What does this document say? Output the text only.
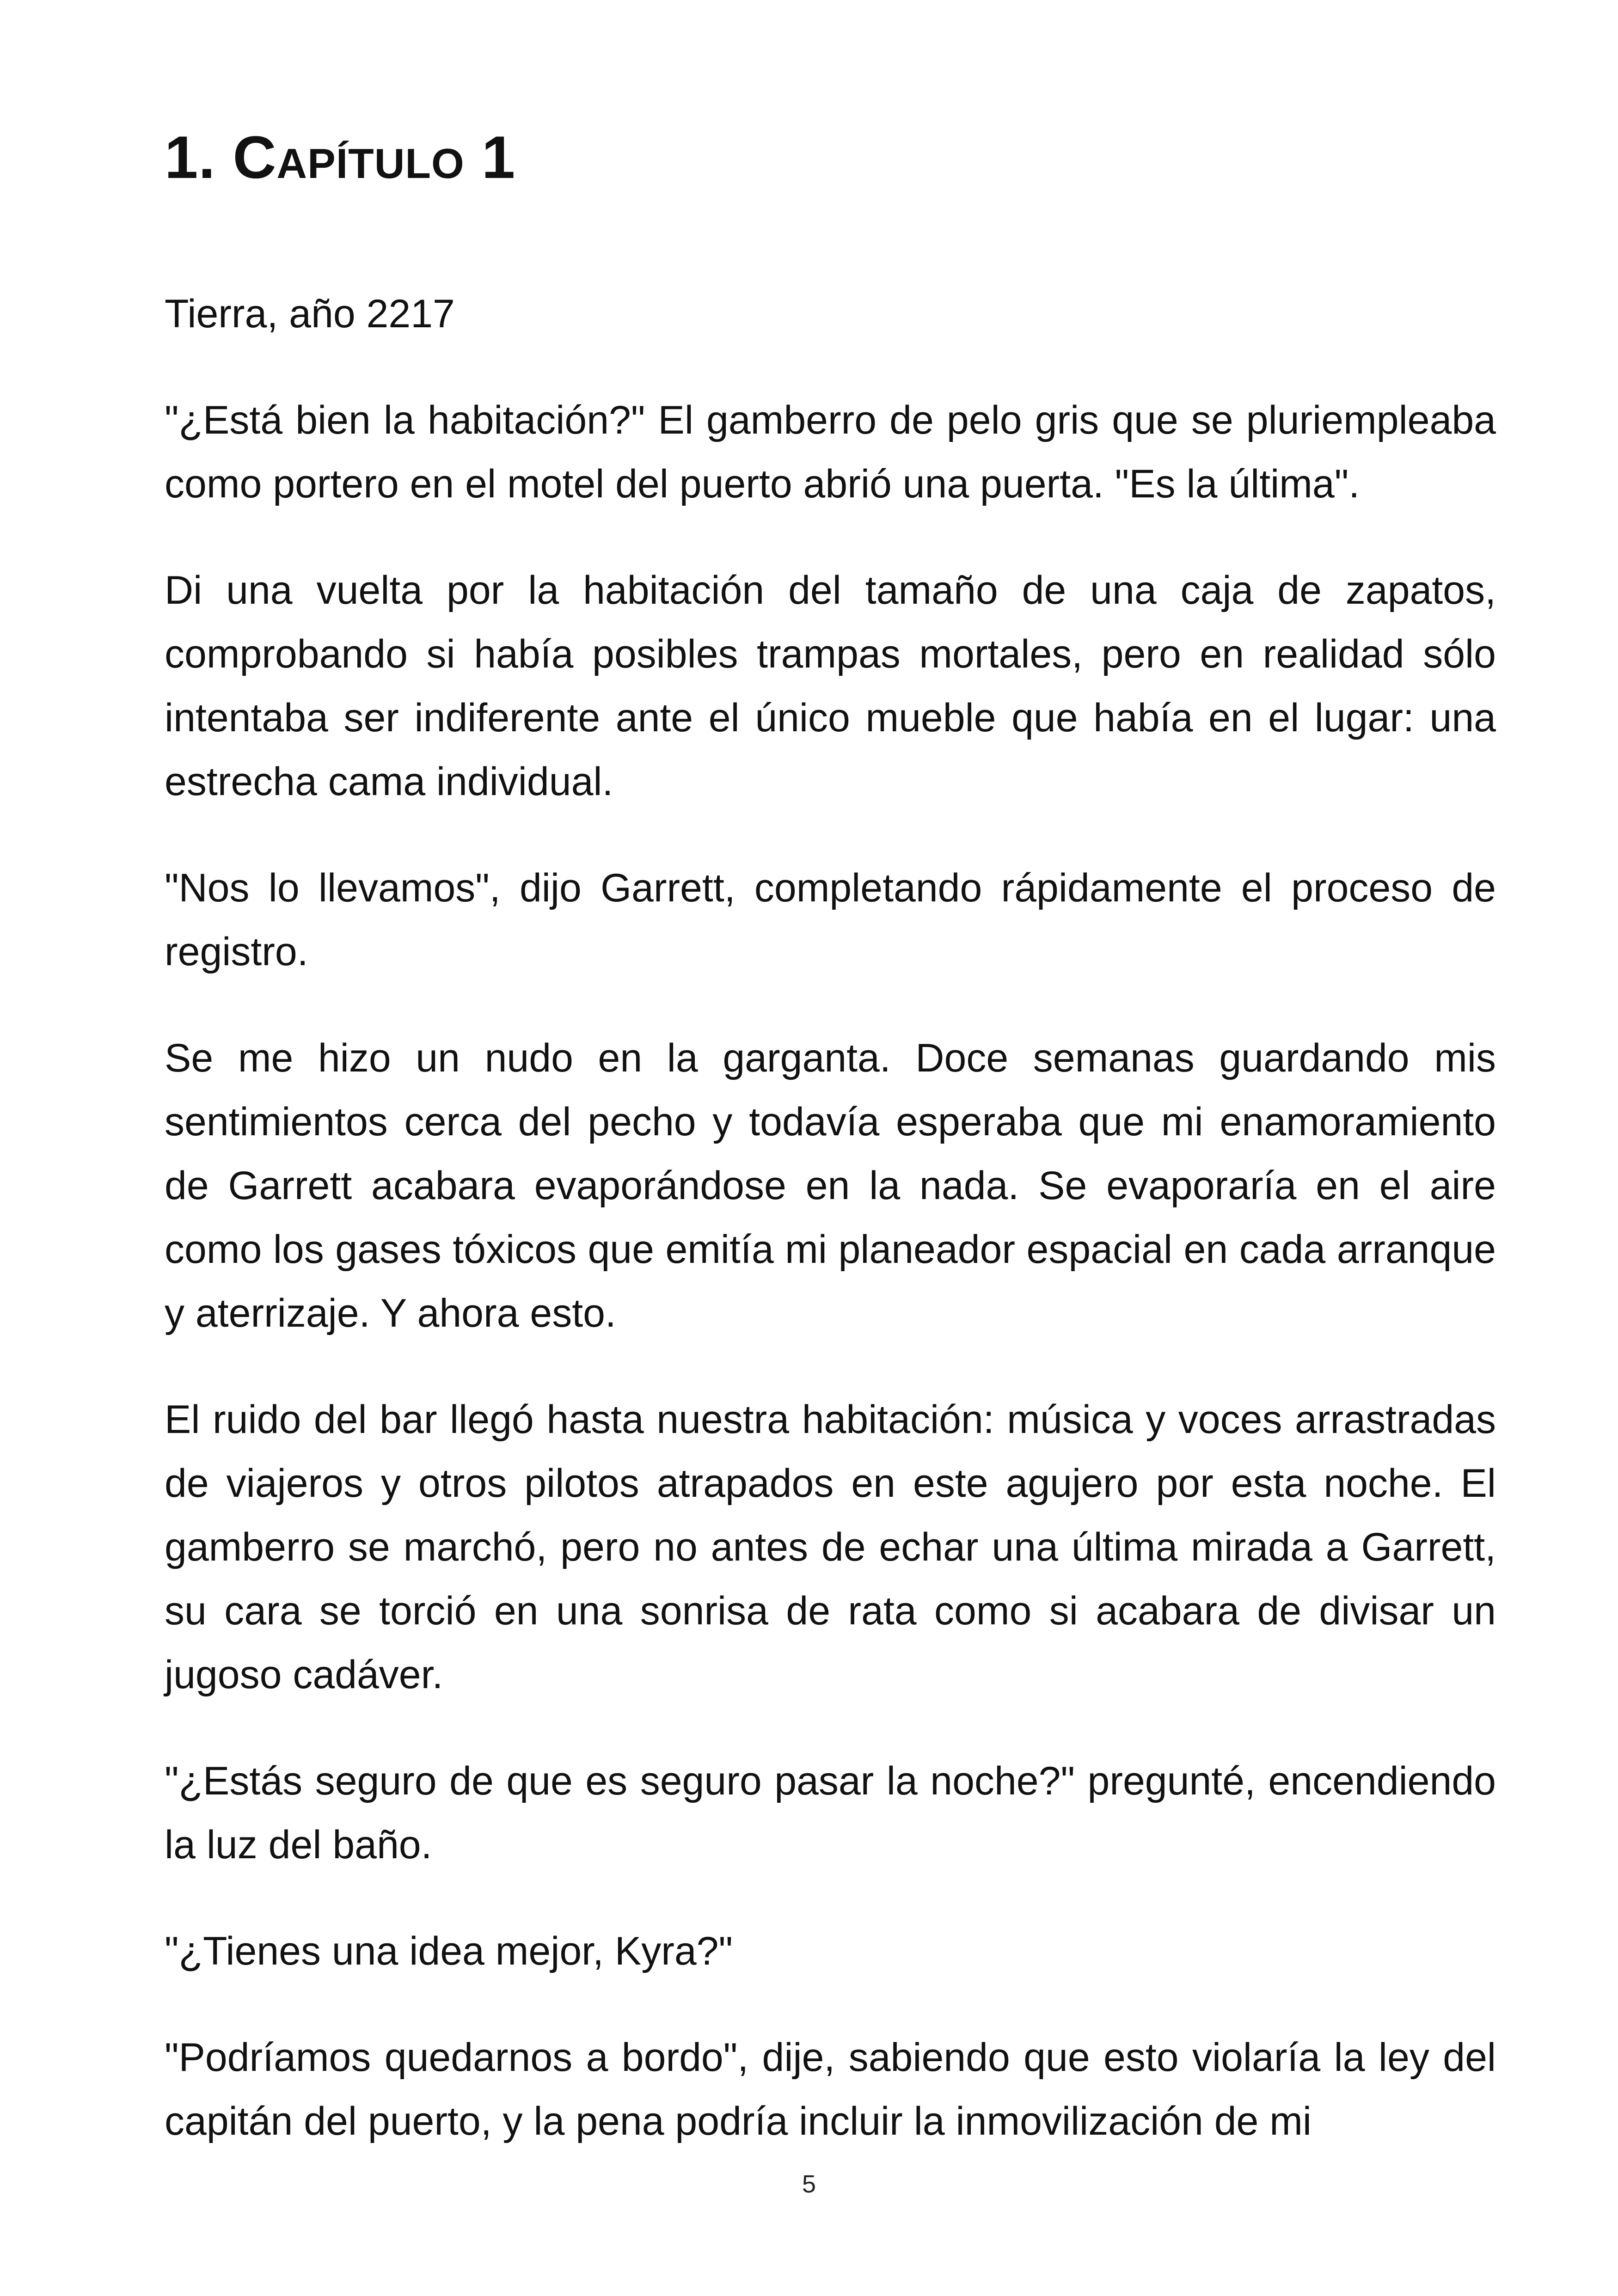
1. Capítulo 1

Tierra, año 2217

"¿Está bien la habitación?" El gamberro de pelo gris que se pluriempleaba como portero en el motel del puerto abrió una puerta. "Es la última".

Di una vuelta por la habitación del tamaño de una caja de zapatos, comprobando si había posibles trampas mortales, pero en realidad sólo intentaba ser indiferente ante el único mueble que había en el lugar: una estrecha cama individual.

"Nos lo llevamos", dijo Garrett, completando rápidamente el proceso de registro.

Se me hizo un nudo en la garganta. Doce semanas guardando mis sentimientos cerca del pecho y todavía esperaba que mi enamoramiento de Garrett acabara evaporándose en la nada. Se evaporaría en el aire como los gases tóxicos que emitía mi planeador espacial en cada arranque y aterrizaje. Y ahora esto.

El ruido del bar llegó hasta nuestra habitación: música y voces arrastradas de viajeros y otros pilotos atrapados en este agujero por esta noche. El gamberro se marchó, pero no antes de echar una última mirada a Garrett, su cara se torció en una sonrisa de rata como si acabara de divisar un jugoso cadáver.

"¿Estás seguro de que es seguro pasar la noche?" pregunté, encendiendo la luz del baño.

"¿Tienes una idea mejor, Kyra?"

"Podríamos quedarnos a bordo", dije, sabiendo que esto violaría la ley del capitán del puerto, y la pena podría incluir la inmovilización de mi

5
